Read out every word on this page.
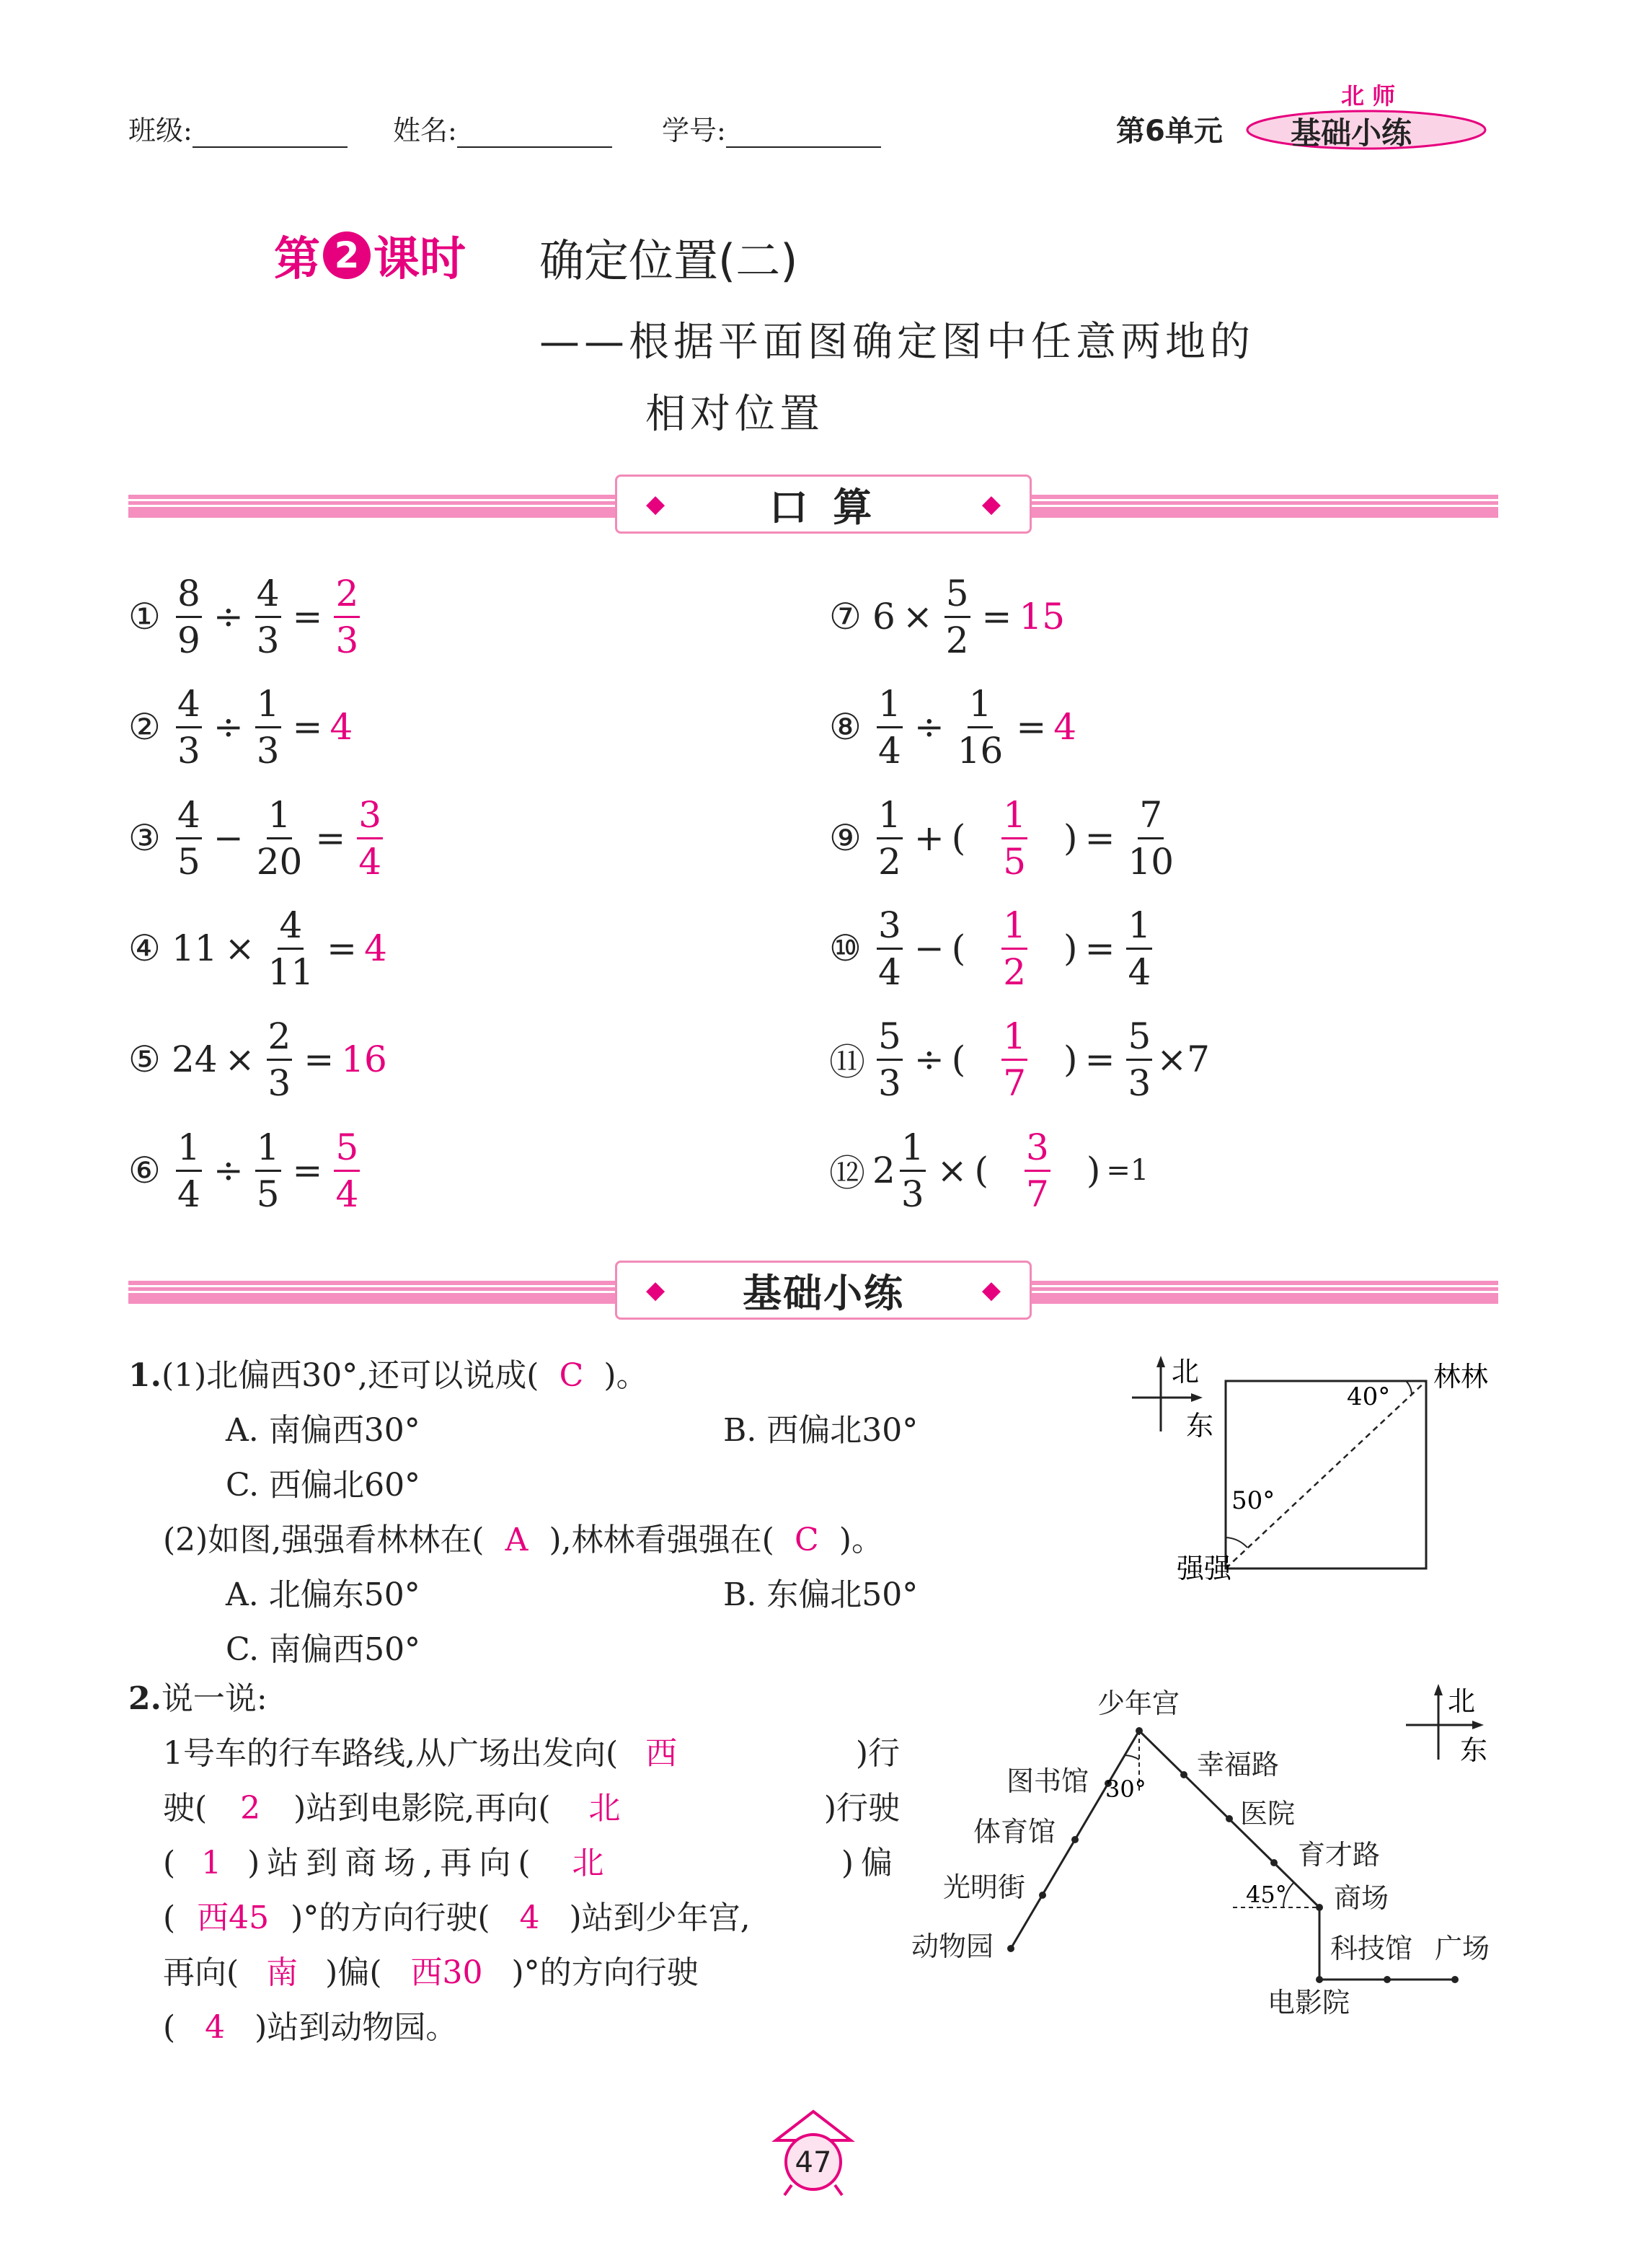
班级:	姓名:	学号:	第6单元
北 师
基础小练
第 2 课时 确定位置(二)
——根据平面图确定图中任意两地的
相对位置
◆	口 算	◆
① $\frac{8}{9} \div \frac{4}{3} = \frac{2}{3}$
② $\frac{4}{3} \div \frac{1}{3} = 4$
③ $\frac{4}{5} - \frac{1}{20} = \frac{3}{4}$
④ $11 \times \frac{4}{11} = 4$
⑤ $24 \times \frac{2}{3} = 16$
⑥ $\frac{1}{4} \div \frac{1}{5} = \frac{5}{4}$
⑦ $6 \times \frac{5}{2} = 15$
⑧ $\frac{1}{4} \div \frac{1}{16} = 4$
⑨ $\frac{1}{2}$ + ( $\frac{1}{5}$ ) = $\frac{7}{10}$
⑩ $\frac{3}{4}$ − ( $\frac{1}{2}$ ) = $\frac{1}{4}$
⑪ $\frac{5}{3}$ ÷ ( $\frac{1}{7}$ ) = $\frac{5}{3} \times 7$
⑫ $2 \frac{1}{3}$ × ( $\frac{3}{7}$ ) =1
◆ 基础小练	◆
1.(1)北偏西30°,还可以说成( C )。
A. 南偏西30°	B. 西偏北30°
C. 西偏北60°
(2)如图,强强看林林在( A ),林林看强强在( C )。
A. 北偏东50°	B. 东偏北50°
C. 南偏西50°
北
东
40°
50°
林林
强强
2.说一说:
1号车的行车路线,从广场出发向( 西	)行
驶( 2 )站到电影院,再向( 北	)行驶
( 1 )站到商场,再向( 北	)偏
( 西45 )°的方向行驶( 4 )站到少年宫,
再向( 南 )偏( 西30 )°的方向行驶
( 4 )站到动物园。
北
东
少年宫
图书馆
体育馆
光明街
动物园
幸福路
医院
育才路
商场
科技馆 广场
电影院
30°
45°
47
